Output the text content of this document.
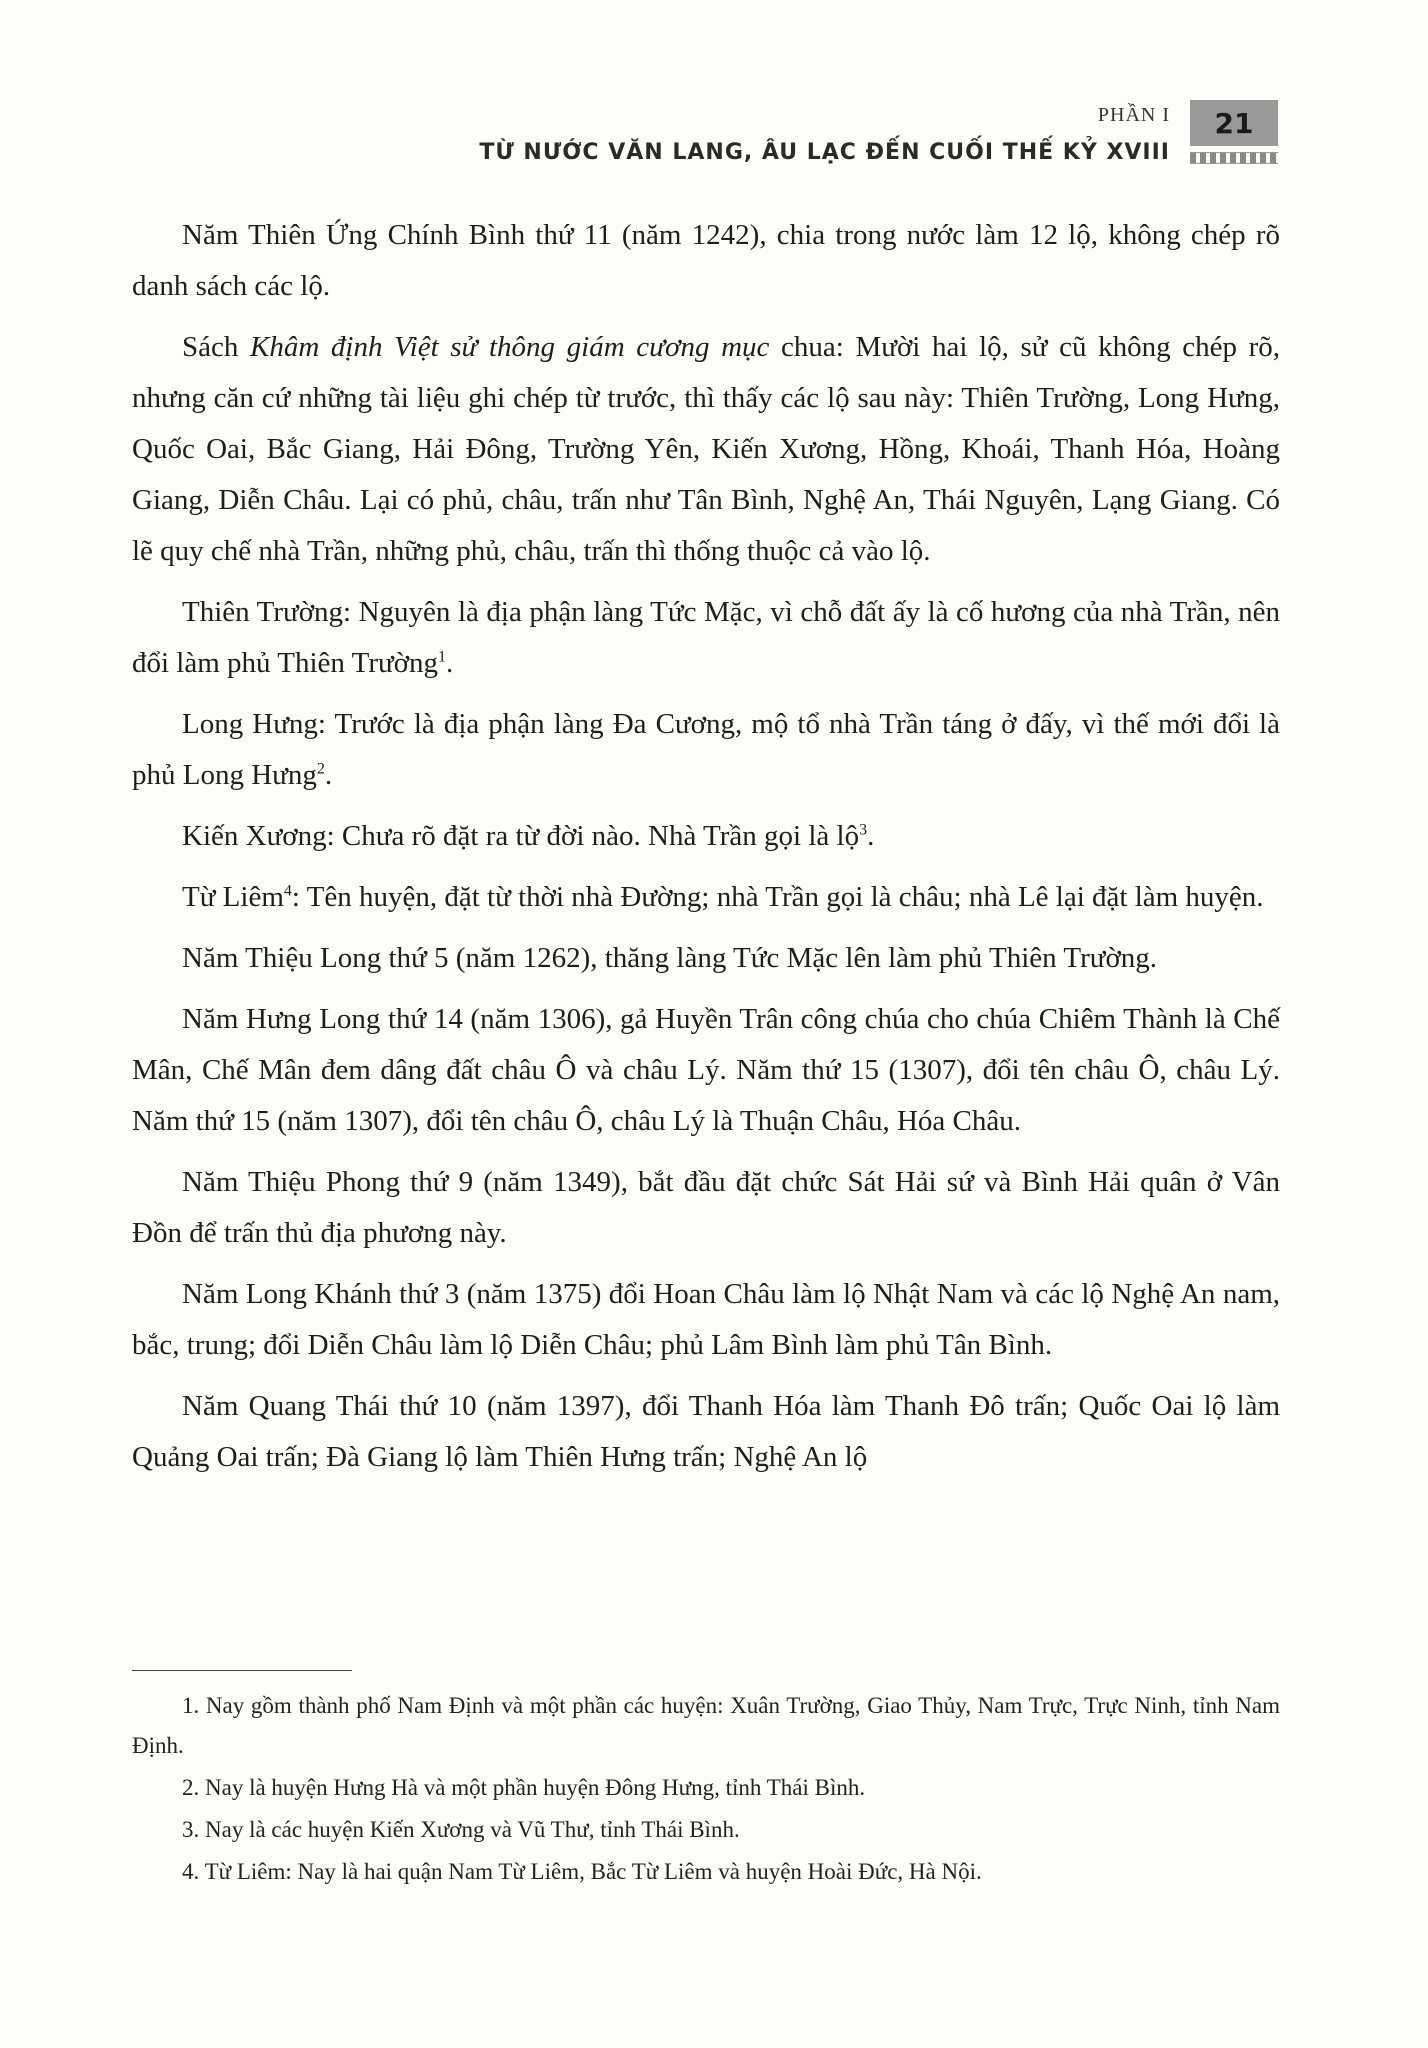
PHẦN I
TỪ NƯỚC VĂN LANG, ÂU LẠC ĐẾN CUỐI THẾ KỶ XVIII
21

Năm Thiên Ứng Chính Bình thứ 11 (năm 1242), chia trong nước làm 12 lộ, không chép rõ danh sách các lộ.

Sách Khâm định Việt sử thông giám cương mục chua: Mười hai lộ, sử cũ không chép rõ, nhưng căn cứ những tài liệu ghi chép từ trước, thì thấy các lộ sau này: Thiên Trường, Long Hưng, Quốc Oai, Bắc Giang, Hải Đông, Trường Yên, Kiến Xương, Hồng, Khoái, Thanh Hóa, Hoàng Giang, Diễn Châu. Lại có phủ, châu, trấn như Tân Bình, Nghệ An, Thái Nguyên, Lạng Giang. Có lẽ quy chế nhà Trần, những phủ, châu, trấn thì thống thuộc cả vào lộ.

Thiên Trường: Nguyên là địa phận làng Tức Mặc, vì chỗ đất ấy là cố hương của nhà Trần, nên đổi làm phủ Thiên Trường$^1$.

Long Hưng: Trước là địa phận làng Đa Cương, mộ tổ nhà Trần táng ở đấy, vì thế mới đổi là phủ Long Hưng$^2$.

Kiến Xương: Chưa rõ đặt ra từ đời nào. Nhà Trần gọi là lộ$^3$.

Từ Liêm$^4$: Tên huyện, đặt từ thời nhà Đường; nhà Trần gọi là châu; nhà Lê lại đặt làm huyện.

Năm Thiệu Long thứ 5 (năm 1262), thăng làng Tức Mặc lên làm phủ Thiên Trường.

Năm Hưng Long thứ 14 (năm 1306), gả Huyền Trân công chúa cho chúa Chiêm Thành là Chế Mân, Chế Mân đem dâng đất châu Ô và châu Lý. Năm thứ 15 (1307), đổi tên châu Ô, châu Lý. Năm thứ 15 (năm 1307), đổi tên châu Ô, châu Lý là Thuận Châu, Hóa Châu.

Năm Thiệu Phong thứ 9 (năm 1349), bắt đầu đặt chức Sát Hải sứ và Bình Hải quân ở Vân Đồn để trấn thủ địa phương này.

Năm Long Khánh thứ 3 (năm 1375) đổi Hoan Châu làm lộ Nhật Nam và các lộ Nghệ An nam, bắc, trung; đổi Diễn Châu làm lộ Diễn Châu; phủ Lâm Bình làm phủ Tân Bình.

Năm Quang Thái thứ 10 (năm 1397), đổi Thanh Hóa làm Thanh Đô trấn; Quốc Oai lộ làm Quảng Oai trấn; Đà Giang lộ làm Thiên Hưng trấn; Nghệ An lộ

1. Nay gồm thành phố Nam Định và một phần các huyện: Xuân Trường, Giao Thủy, Nam Trực, Trực Ninh, tỉnh Nam Định.

2. Nay là huyện Hưng Hà và một phần huyện Đông Hưng, tỉnh Thái Bình.

3. Nay là các huyện Kiến Xương và Vũ Thư, tỉnh Thái Bình.

4. Từ Liêm: Nay là hai quận Nam Từ Liêm, Bắc Từ Liêm và huyện Hoài Đức, Hà Nội.
